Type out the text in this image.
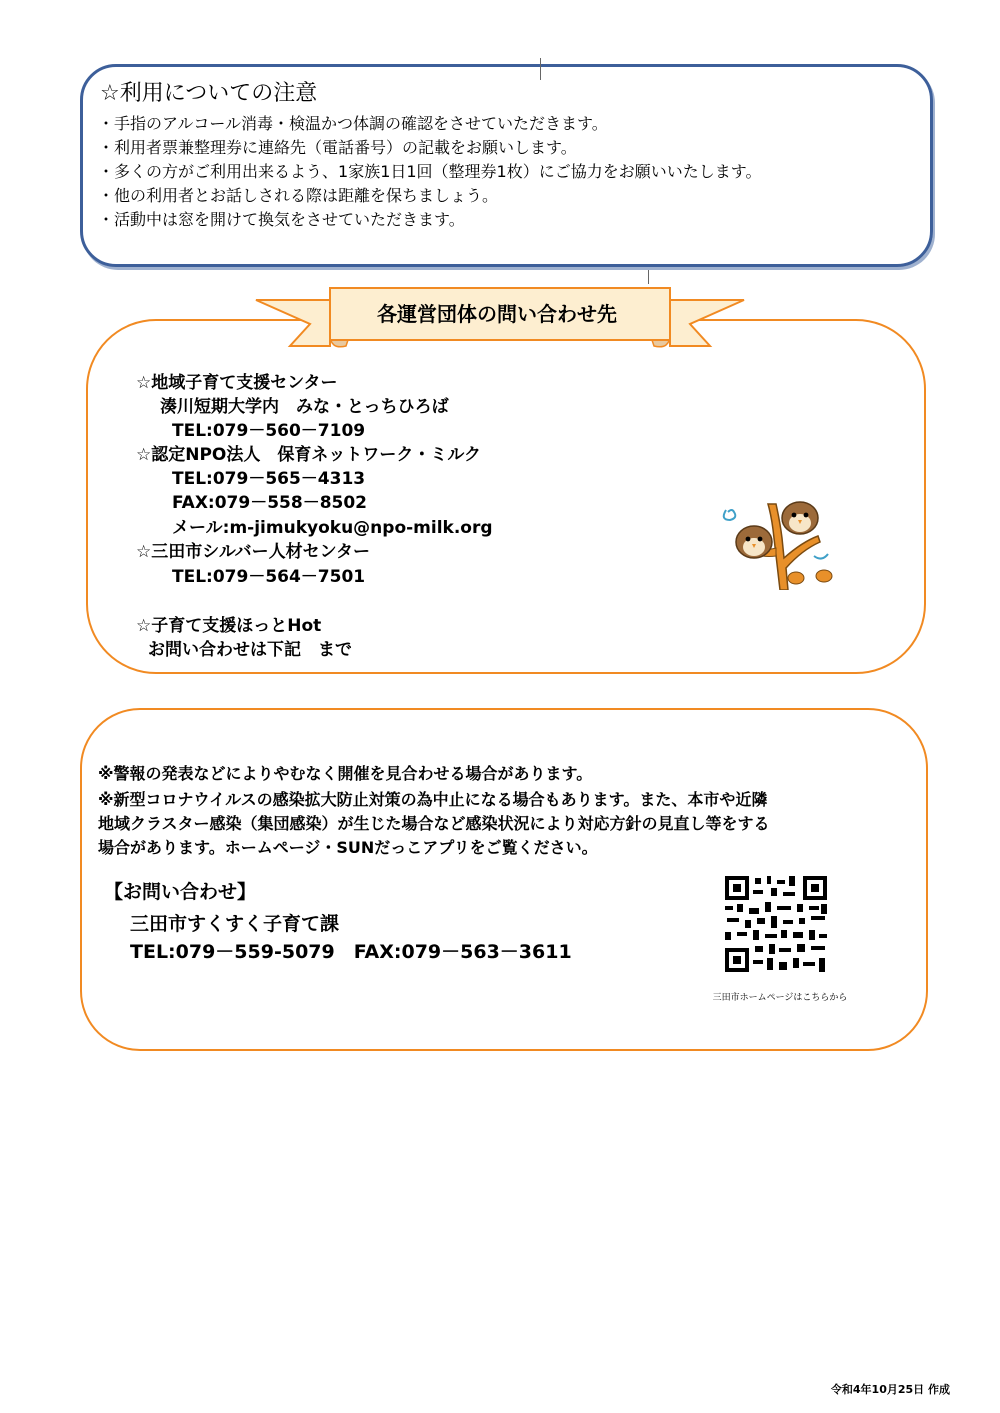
☆利用についての注意
・ 手指のアルコール消毒・検温かつ体調の確認をさせていただきます。
・ 利用者票兼整理券に連絡先（電話番号）の記載をお願いします。
・ 多くの方がご利用出来るよう、1家族1日1回（整理券1枚）にご協力をお願いいたします。
・ 他の利用者とお話しされる際は距離を保ちましょう。
・ 活動中は窓を開けて換気をさせていただきます。
各運営団体の問い合わせ先
☆地域子育て支援センター
湊川短期大学内　みな・とっちひろば
TEL:079－560－7109
☆認定NPO法人　保育ネットワーク・ミルク
TEL:079－565－4313
FAX:079－558－8502
メール:m-jimukyoku@npo-milk.org
☆三田市シルバー人材センター
TEL:079－564－7501
☆子育て支援ほっとHot
お問い合わせは下記　まで
※警報の発表などによりやむなく開催を見合わせる場合があります。
※新型コロナウイルスの感染拡大防止対策の為中止になる場合もあります。また、本市や近隣
地域クラスター感染（集団感染）が生じた場合など感染状況により対応方針の見直し等をする
場合があります。ホームページ・SUNだっこアプリをご覧ください。
【お問い合わせ】
三田市すくすく子育て課
TEL:079－559-5079　FAX:079－563－3611
三田市ホームページはこちらから
令和4年10月25日 作成
